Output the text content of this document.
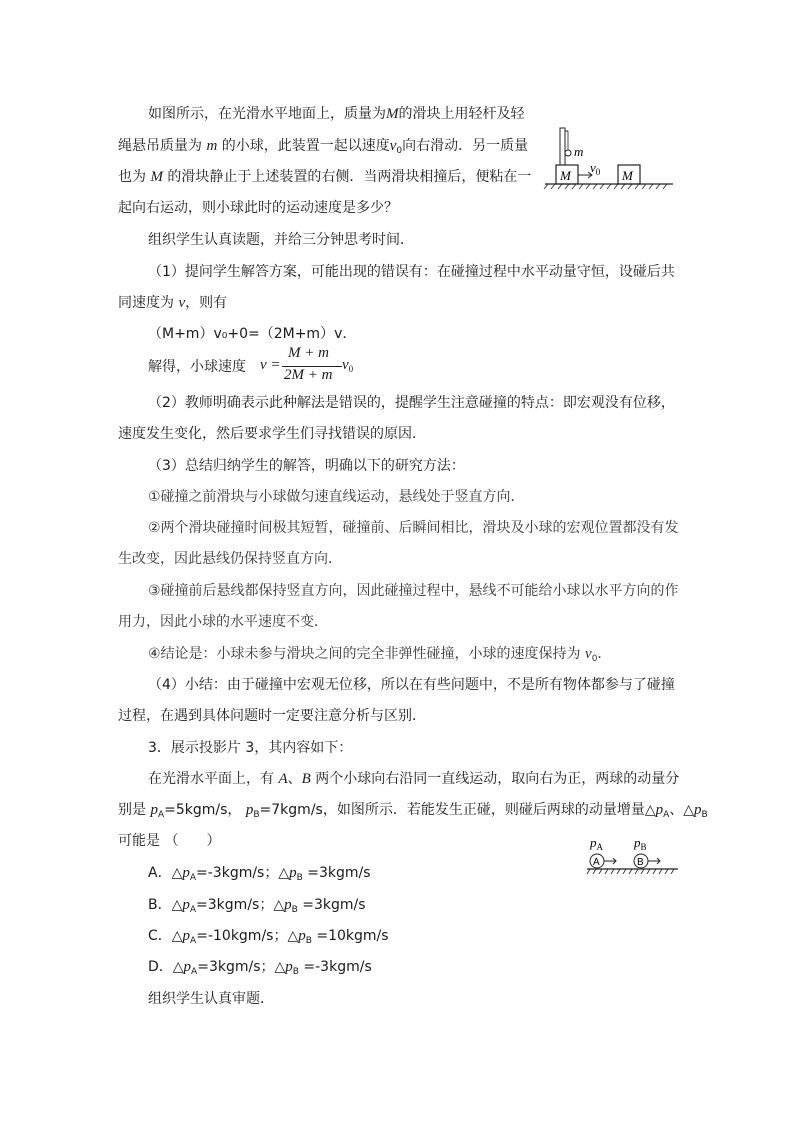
如图所示，在光滑水平地面上，质量为M的滑块上用轻杆及轻
绳悬吊质量为 m 的小球，此装置一起以速度$v_0$向右滑动．另一质量
也为 M 的滑块静止于上述装置的右侧．当两滑块相撞后，便粘在一
起向右运动，则小球此时的运动速度是多少？
m
M
$v_0$ M
组织学生认真读题，并给三分钟思考时间．
（1）提问学生解答方案，可能出现的错误有：在碰撞过程中水平动量守恒，设碰后共
同速度为 v，则有
（M+m）v₀+0=（2M+m）v．
解得，小球速度 v =
M + m
2M + m
$v_0$
（2）教师明确表示此种解法是错误的，提醒学生注意碰撞的特点：即宏观没有位移，
速度发生变化，然后要求学生们寻找错误的原因．
（3）总结归纳学生的解答，明确以下的研究方法：
①碰撞之前滑块与小球做匀速直线运动，悬线处于竖直方向．
②两个滑块碰撞时间极其短暂，碰撞前、后瞬间相比，滑块及小球的宏观位置都没有发
生改变，因此悬线仍保持竖直方向．
③碰撞前后悬线都保持竖直方向，因此碰撞过程中，悬线不可能给小球以水平方向的作
用力，因此小球的水平速度不变．
④结论是：小球未参与滑块之间的完全非弹性碰撞，小球的速度保持为 $v_0$．
（4）小结：由于碰撞中宏观无位移，所以在有些问题中，不是所有物体都参与了碰撞
过程，在遇到具体问题时一定要注意分析与区别．
3．展示投影片 3，其内容如下：
在光滑水平面上，有 A、B 两个小球向右沿同一直线运动，取向右为正，两球的动量分
别是 $p_A=5kgm/s$， $p_B=7kgm/s$，如图所示．若能发生正碰，则碰后两球的动量增量$\triangle p_A$、$\triangle p_B$
可能是 （　　）	$p_A$ $p_B$
A	B
A．$\triangle p_A=-3kgm/s$；$\triangle p_B =3kgm/s$
B．$\triangle p_A=3kgm/s$；$\triangle p_B =3kgm/s$
C．$\triangle p_A=-10kgm/s$；$\triangle p_B =10kgm/s$
D．$\triangle p_A=3kgm/s$；$\triangle p_B =-3kgm/s$
组织学生认真审题．
